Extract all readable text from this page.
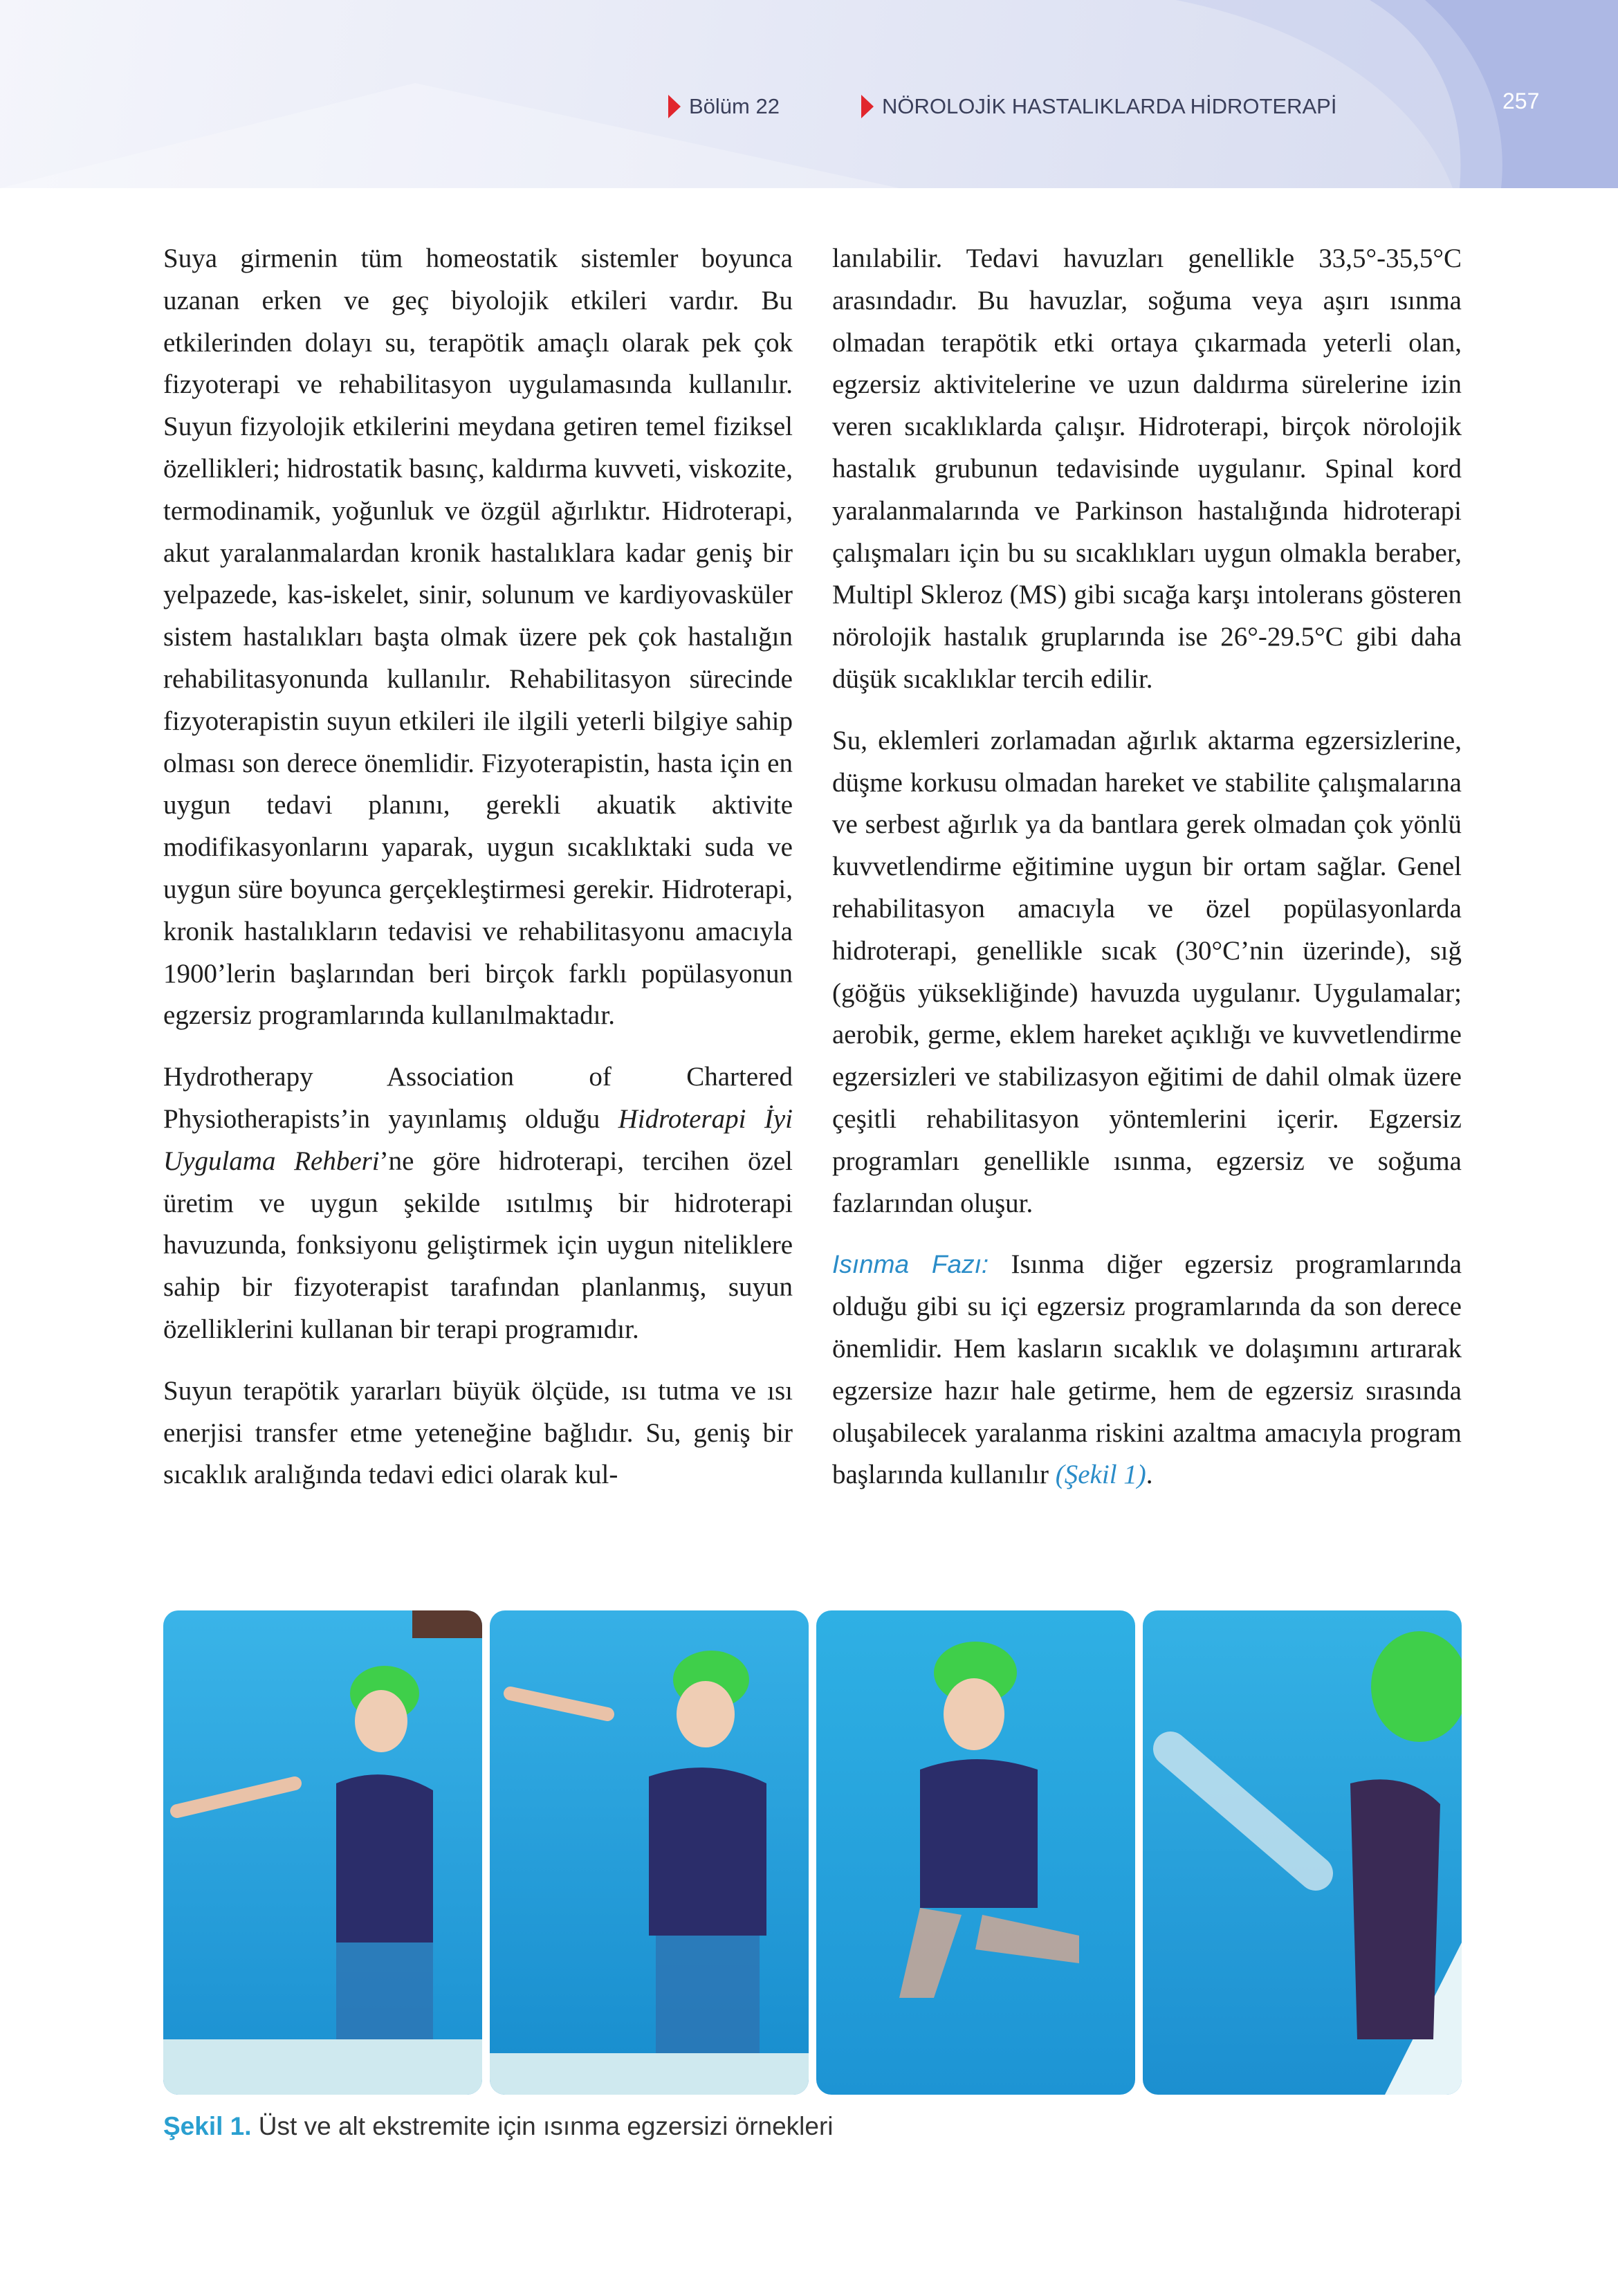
Bölüm 22	NÖROLOJİK HASTALIKLARDA HİDROTERAPİ	257

Suya girmenin tüm homeostatik sistemler boyunca uzanan erken ve geç biyolojik etkileri vardır. Bu etkilerinden dolayı su, terapötik amaçlı olarak pek çok fizyoterapi ve rehabilitasyon uygulamasında kullanılır. Suyun fizyolojik etkilerini meydana getiren temel fiziksel özellikleri; hidrostatik basınç, kaldırma kuvveti, viskozite, termodinamik, yoğunluk ve özgül ağırlıktır. Hidroterapi, akut yaralanmalardan kronik hastalıklara kadar geniş bir yelpazede, kas-iskelet, sinir, solunum ve kardiyovasküler sistem hastalıkları başta olmak üzere pek çok hastalığın rehabilitasyonunda kullanılır. Rehabilitasyon sürecinde fizyoterapistin suyun etkileri ile ilgili yeterli bilgiye sahip olması son derece önemlidir. Fizyoterapistin, hasta için en uygun tedavi planını, gerekli akuatik aktivite modifikasyonlarını yaparak, uygun sıcaklıktaki suda ve uygun süre boyunca gerçekleştirmesi gerekir. Hidroterapi, kronik hastalıkların tedavisi ve rehabilitasyonu amacıyla 1900’lerin başlarından beri birçok farklı popülasyonun egzersiz programlarında kullanılmaktadır.

Hydrotherapy Association of Chartered Physiotherapists’in yayınlamış olduğu Hidroterapi İyi Uygulama Rehberi’ne göre hidroterapi, tercihen özel üretim ve uygun şekilde ısıtılmış bir hidroterapi havuzunda, fonksiyonu geliştirmek için uygun niteliklere sahip bir fizyoterapist tarafından planlanmış, suyun özelliklerini kullanan bir terapi programıdır.

Suyun terapötik yararları büyük ölçüde, ısı tutma ve ısı enerjisi transfer etme yeteneğine bağlıdır. Su, geniş bir sıcaklık aralığında tedavi edici olarak kul-

lanılabilir. Tedavi havuzları genellikle 33,5°-35,5°C arasındadır. Bu havuzlar, soğuma veya aşırı ısınma olmadan terapötik etki ortaya çıkarmada yeterli olan, egzersiz aktivitelerine ve uzun daldırma sürelerine izin veren sıcaklıklarda çalışır. Hidroterapi, birçok nörolojik hastalık grubunun tedavisinde uygulanır. Spinal kord yaralanmalarında ve Parkinson hastalığında hidroterapi çalışmaları için bu su sıcaklıkları uygun olmakla beraber, Multipl Skleroz (MS) gibi sıcağa karşı intolerans gösteren nörolojik hastalık gruplarında ise 26°-29.5°C gibi daha düşük sıcaklıklar tercih edilir.

Su, eklemleri zorlamadan ağırlık aktarma egzersizlerine, düşme korkusu olmadan hareket ve stabilite çalışmalarına ve serbest ağırlık ya da bantlara gerek olmadan çok yönlü kuvvetlendirme eğitimine uygun bir ortam sağlar. Genel rehabilitasyon amacıyla ve özel popülasyonlarda hidroterapi, genellikle sıcak (30°C’nin üzerinde), sığ (göğüs yüksekliğinde) havuzda uygulanır. Uygulamalar; aerobik, germe, eklem hareket açıklığı ve kuvvetlendirme egzersizleri ve stabilizasyon eğitimi de dahil olmak üzere çeşitli rehabilitasyon yöntemlerini içerir. Egzersiz programları genellikle ısınma, egzersiz ve soğuma fazlarından oluşur.

Isınma Fazı: Isınma diğer egzersiz programlarında olduğu gibi su içi egzersiz programlarında da son derece önemlidir. Hem kasların sıcaklık ve dolaşımını artırarak egzersize hazır hale getirme, hem de egzersiz sırasında oluşabilecek yaralanma riskini azaltma amacıyla program başlarında kullanılır (Şekil 1).

Şekil 1. Üst ve alt ekstremite için ısınma egzersizi örnekleri
